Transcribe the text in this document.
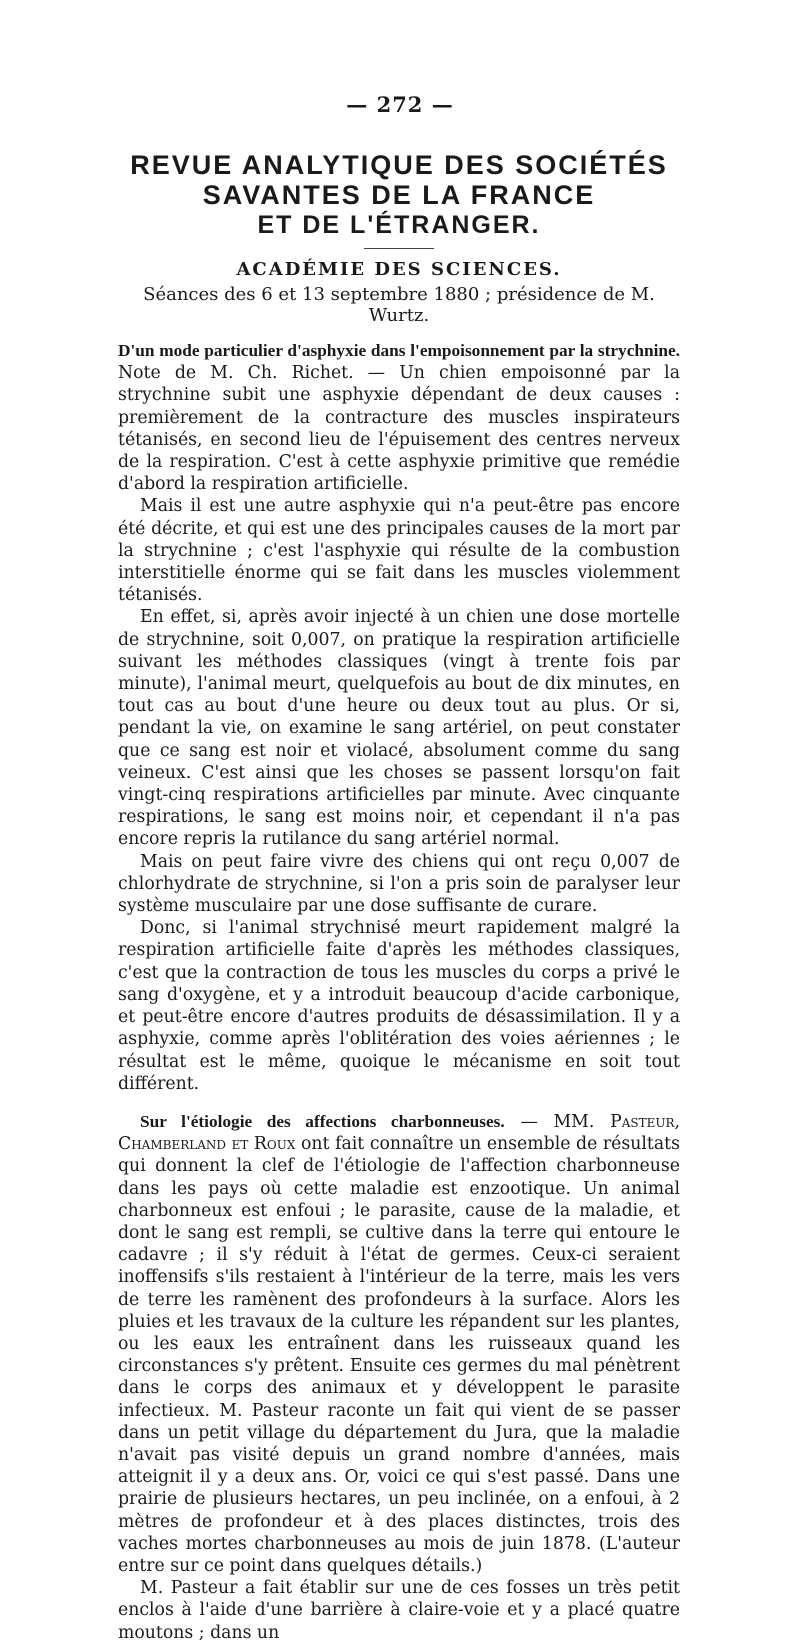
— 272 —
REVUE ANALYTIQUE DES SOCIÉTÉS SAVANTES DE LA FRANCE
ET DE L'ÉTRANGER.
ACADÉMIE DES SCIENCES.
Séances des 6 et 13 septembre 1880 ; présidence de M. Wurtz.

D'un mode particulier d'asphyxie dans l'empoisonnement par la strychnine. Note de M. Ch. Richet. — Un chien empoisonné par la strychnine subit une asphyxie dépendant de deux causes : premièrement de la contracture des muscles inspirateurs tétanisés, en second lieu de l'épuisement des centres nerveux de la respiration. C'est à cette asphyxie primitive que remédie d'abord la respiration artificielle.

Mais il est une autre asphyxie qui n'a peut-être pas encore été décrite, et qui est une des principales causes de la mort par la strychnine ; c'est l'asphyxie qui résulte de la combustion interstitielle énorme qui se fait dans les muscles violemment tétanisés.

En effet, si, après avoir injecté à un chien une dose mortelle de strychnine, soit 0,007, on pratique la respiration artificielle suivant les méthodes classiques (vingt à trente fois par minute), l'animal meurt, quelquefois au bout de dix minutes, en tout cas au bout d'une heure ou deux tout au plus. Or si, pendant la vie, on examine le sang artériel, on peut constater que ce sang est noir et violacé, absolument comme du sang veineux. C'est ainsi que les choses se passent lorsqu'on fait vingt-cinq respirations artificielles par minute. Avec cinquante respirations, le sang est moins noir, et cependant il n'a pas encore repris la rutilance du sang artériel normal.

Mais on peut faire vivre des chiens qui ont reçu 0,007 de chlorhydrate de strychnine, si l'on a pris soin de paralyser leur système musculaire par une dose suffisante de curare.

Donc, si l'animal strychnisé meurt rapidement malgré la respiration artificielle faite d'après les méthodes classiques, c'est que la contraction de tous les muscles du corps a privé le sang d'oxygène, et y a introduit beaucoup d'acide carbonique, et peut-être encore d'autres produits de désassimilation. Il y a asphyxie, comme après l'oblitération des voies aériennes ; le résultat est le même, quoique le mécanisme en soit tout différent.

Sur l'étiologie des affections charbonneuses. — MM. Pasteur, Chamberland et Roux ont fait connaître un ensemble de résultats qui donnent la clef de l'étiologie de l'affection charbonneuse dans les pays où cette maladie est enzootique. Un animal charbonneux est enfoui ; le parasite, cause de la maladie, et dont le sang est rempli, se cultive dans la terre qui entoure le cadavre ; il s'y réduit à l'état de germes. Ceux-ci seraient inoffensifs s'ils restaient à l'intérieur de la terre, mais les vers de terre les ramènent des profondeurs à la surface. Alors les pluies et les travaux de la culture les répandent sur les plantes, ou les eaux les entraînent dans les ruisseaux quand les circonstances s'y prêtent. Ensuite ces germes du mal pénètrent dans le corps des animaux et y développent le parasite infectieux. M. Pasteur raconte un fait qui vient de se passer dans un petit village du département du Jura, que la maladie n'avait pas visité depuis un grand nombre d'années, mais atteignit il y a deux ans. Or, voici ce qui s'est passé. Dans une prairie de plusieurs hectares, un peu inclinée, on a enfoui, à 2 mètres de profondeur et à des places distinctes, trois des vaches mortes charbonneuses au mois de juin 1878. (L'auteur entre sur ce point dans quelques détails.)

M. Pasteur a fait établir sur une de ces fosses un très petit enclos à l'aide d'une barrière à claire-voie et y a placé quatre moutons ; dans un
